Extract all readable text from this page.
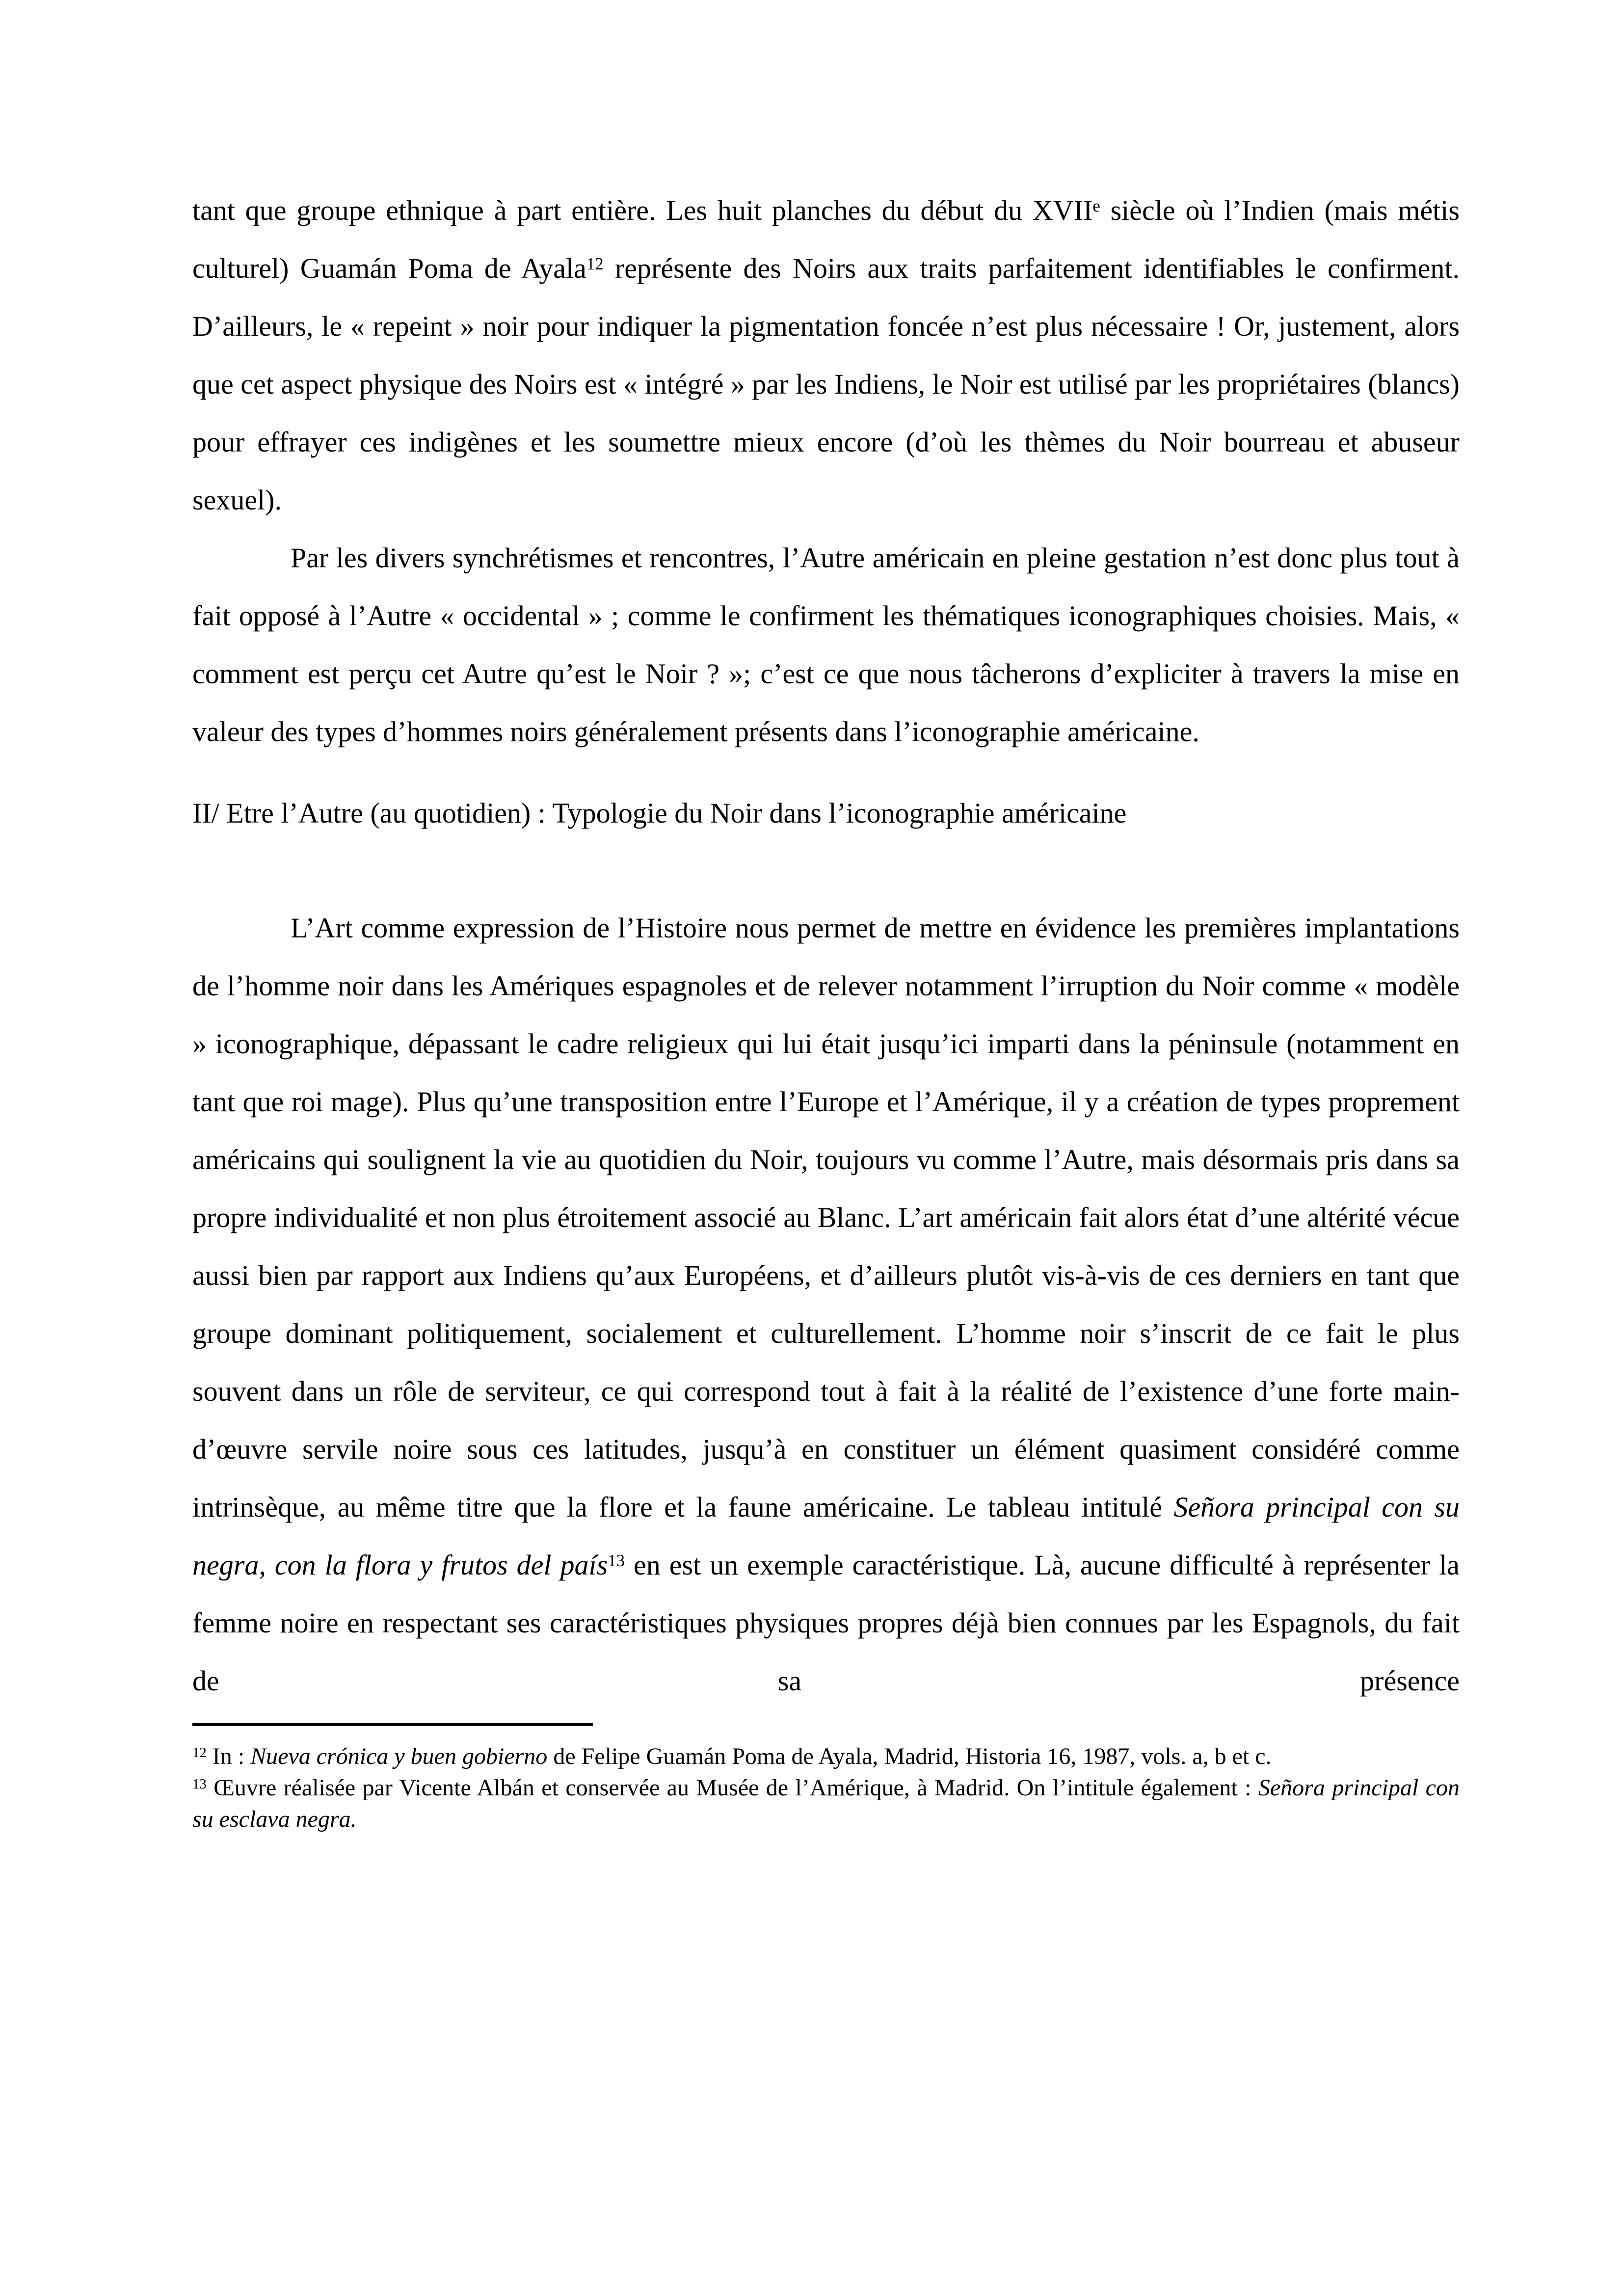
tant que groupe ethnique à part entière. Les huit planches du début du XVIIe siècle où l’Indien (mais métis culturel) Guamán Poma de Ayala$^{12}$ représente des Noirs aux traits parfaitement identifiables le confirment. D’ailleurs, le « repeint » noir pour indiquer la pigmentation foncée n’est plus nécessaire ! Or, justement, alors que cet aspect physique des Noirs est « intégré » par les Indiens, le Noir est utilisé par les propriétaires (blancs) pour effrayer ces indigènes et les soumettre mieux encore (d’où les thèmes du Noir bourreau et abuseur sexuel).

Par les divers synchrétismes et rencontres, l’Autre américain en pleine gestation n’est donc plus tout à fait opposé à l’Autre « occidental » ; comme le confirment les thématiques iconographiques choisies. Mais, « comment est perçu cet Autre qu’est le Noir ? »; c’est ce que nous tâcherons d’expliciter à travers la mise en valeur des types d’hommes noirs généralement présents dans l’iconographie américaine.

II/ Etre l’Autre (au quotidien) : Typologie du Noir dans l’iconographie américaine

L’Art comme expression de l’Histoire nous permet de mettre en évidence les premières implantations de l’homme noir dans les Amériques espagnoles et de relever notamment l’irruption du Noir comme « modèle » iconographique, dépassant le cadre religieux qui lui était jusqu’ici imparti dans la péninsule (notamment en tant que roi mage). Plus qu’une transposition entre l’Europe et l’Amérique, il y a création de types proprement américains qui soulignent la vie au quotidien du Noir, toujours vu comme l’Autre, mais désormais pris dans sa propre individualité et non plus étroitement associé au Blanc. L’art américain fait alors état d’une altérité vécue aussi bien par rapport aux Indiens qu’aux Européens, et d’ailleurs plutôt vis-à-vis de ces derniers en tant que groupe dominant politiquement, socialement et culturellement. L’homme noir s’inscrit de ce fait le plus souvent dans un rôle de serviteur, ce qui correspond tout à fait à la réalité de l’existence d’une forte main-d’œuvre servile noire sous ces latitudes, jusqu’à en constituer un élément quasiment considéré comme intrinsèque, au même titre que la flore et la faune américaine. Le tableau intitulé Señora principal con su negra, con la flora y frutos del país$^{13}$ en est un exemple caractéristique. Là, aucune difficulté à représenter la femme noire en respectant ses caractéristiques physiques propres déjà bien connues par les Espagnols, du fait de sa présence

$^{12}$ In : Nueva crónica y buen gobierno de Felipe Guamán Poma de Ayala, Madrid, Historia 16, 1987, vols. a, b et c.

$^{13}$ Œuvre réalisée par Vicente Albán et conservée au Musée de l’Amérique, à Madrid. On l’intitule également : Señora principal con su esclava negra.
